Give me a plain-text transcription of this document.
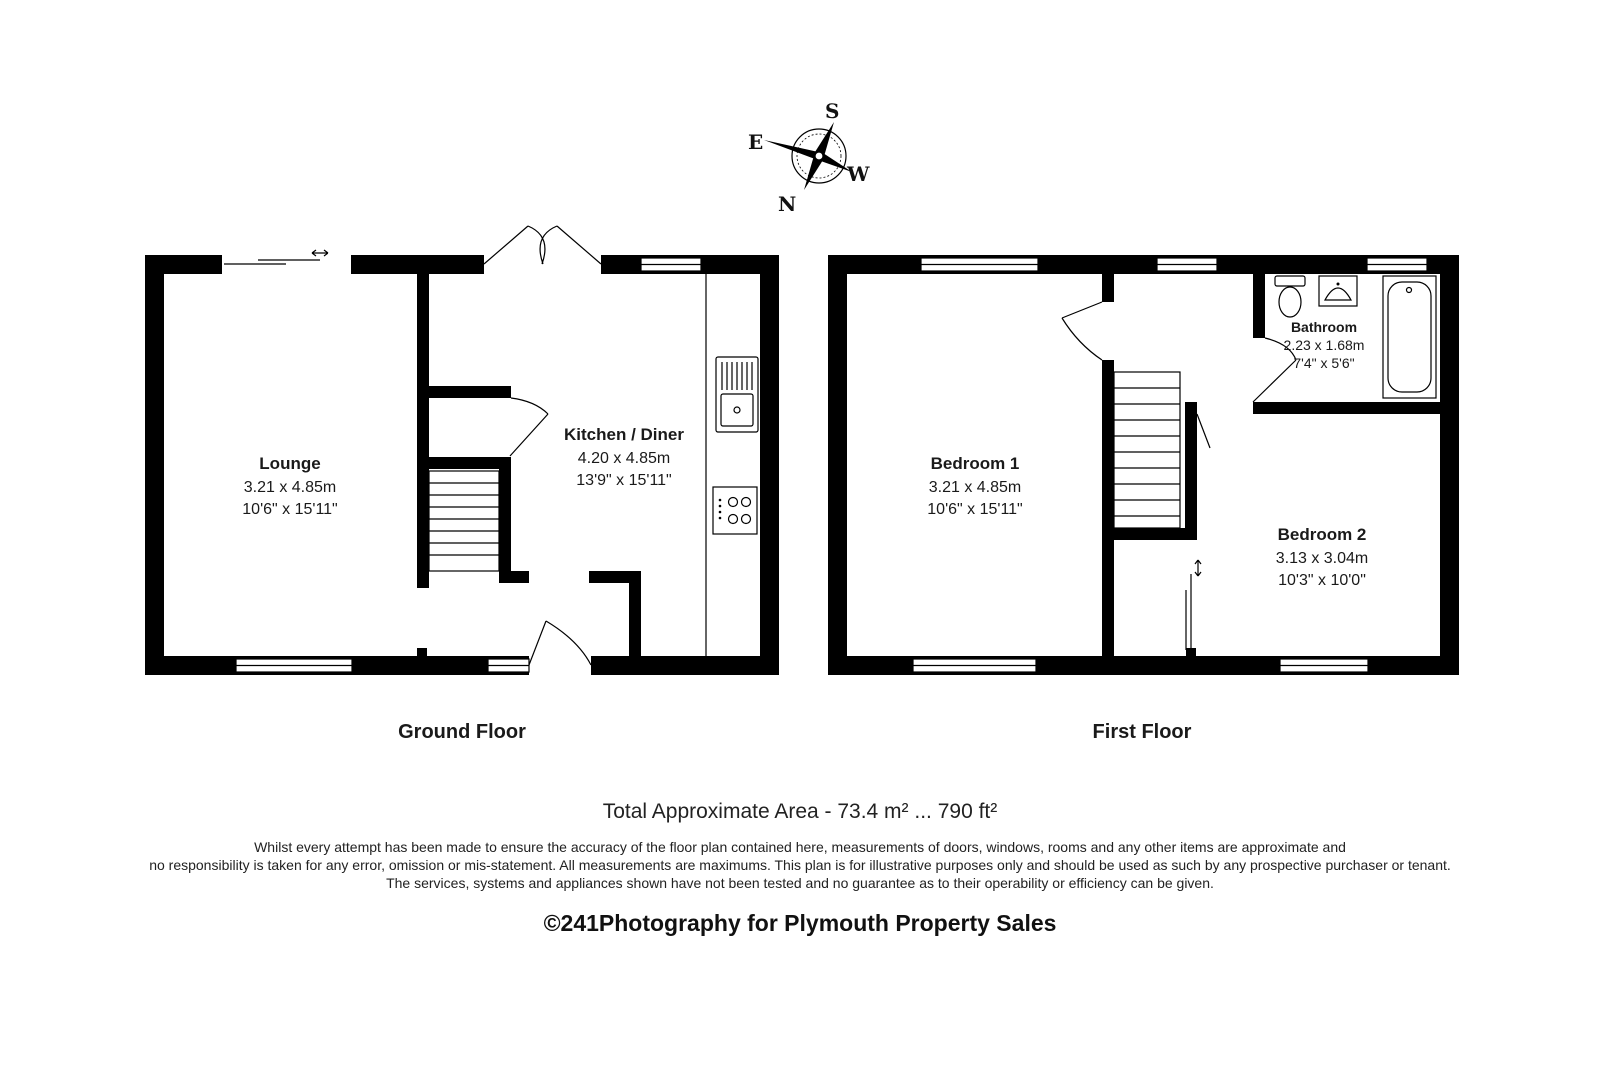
S
E
W
N
Lounge
3.21 x 4.85m
10'6" x 15'11"
Kitchen / Diner
4.20 x 4.85m
13'9" x 15'11"
Ground Floor
Bedroom 1
3.21 x 4.85m
10'6" x 15'11"
Bathroom
2.23 x 1.68m
7'4" x 5'6"
Bedroom 2
3.13 x 3.04m
10'3" x 10'0"
First Floor
Total Approximate Area - 73.4 m² ... 790 ft²
Whilst every attempt has been made to ensure the accuracy of the floor plan contained here, measurements of doors, windows, rooms and any other items are approximate and
no responsibility is taken for any error, omission or mis-statement. All measurements are maximums. This plan is for illustrative purposes only and should be used as such by any prospective purchaser or tenant.
The services, systems and appliances shown have not been tested and no guarantee as to their operability or efficiency can be given.
©241Photography for Plymouth Property Sales
